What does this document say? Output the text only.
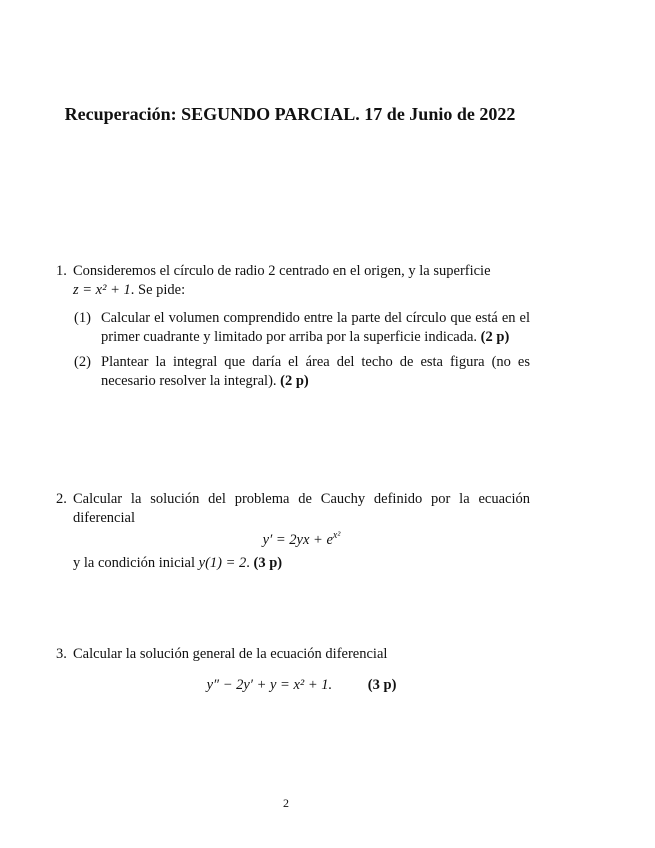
Recuperación: SEGUNDO PARCIAL. 17 de Junio de 2022
1. Consideremos el círculo de radio 2 centrado en el origen, y la superficie
z = x² + 1. Se pide:
(1) Calcular el volumen comprendido entre la parte del círculo que está en el primer cuadrante y limitado por arriba por la superficie indicada. (2 p)
(2) Plantear la integral que daría el área del techo de esta figura (no es necesario resolver la integral). (2 p)
2. Calcular la solución del problema de Cauchy definido por la ecuación diferencial
$y' = 2yx + e^{x^2}$
y la condición inicial y(1) = 2. (3 p)
3. Calcular la solución general de la ecuación diferencial
y″ − 2y′ + y = x² + 1. (3 p)
2
